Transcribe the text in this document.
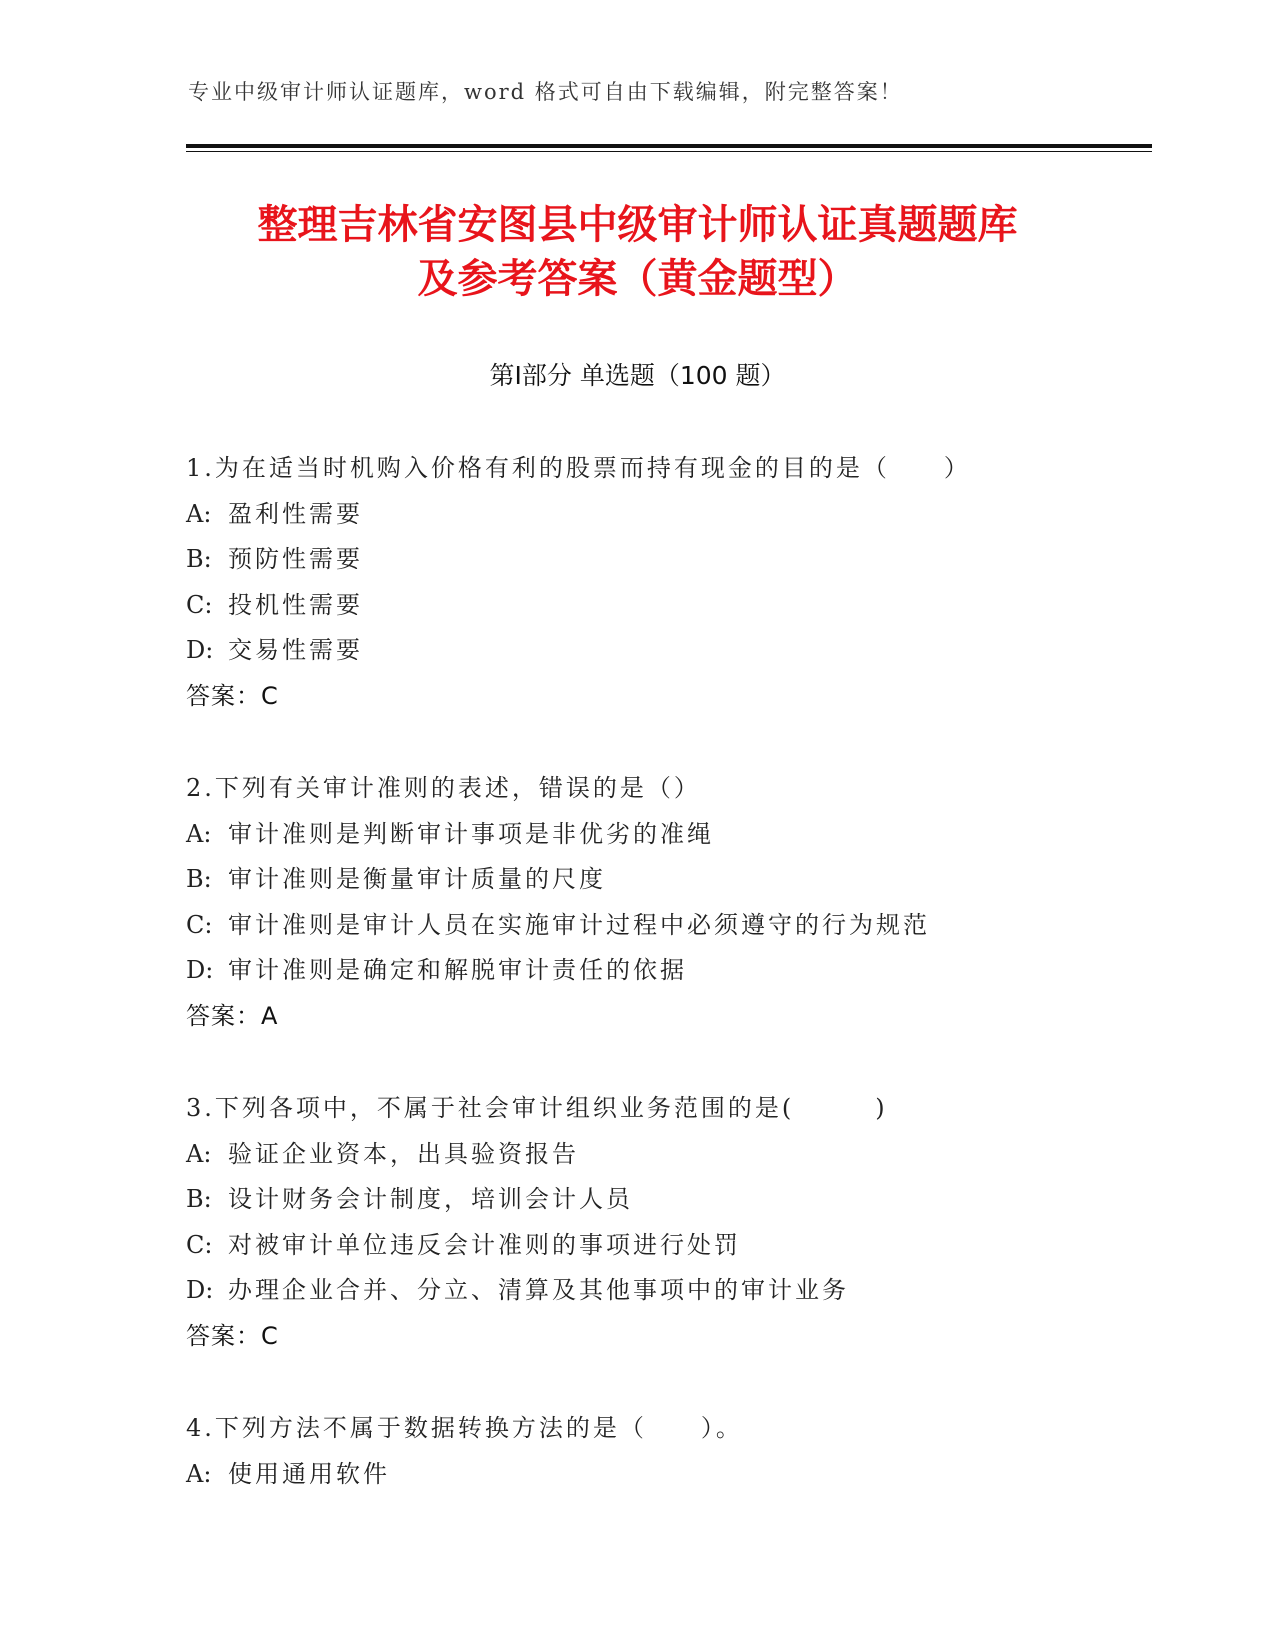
专业中级审计师认证题库，word 格式可自由下载编辑，附完整答案！
整理吉林省安图县中级审计师认证真题题库
及参考答案（黄金题型）
第Ⅰ部分 单选题（100 题）
1.为在适当时机购入价格有利的股票而持有现金的目的是（　　）
A: 盈利性需要
B: 预防性需要
C: 投机性需要
D: 交易性需要
答案：C
2.下列有关审计准则的表述，错误的是（）
A: 审计准则是判断审计事项是非优劣的准绳
B: 审计准则是衡量审计质量的尺度
C: 审计准则是审计人员在实施审计过程中必须遵守的行为规范
D: 审计准则是确定和解脱审计责任的依据
答案：A
3.下列各项中，不属于社会审计组织业务范围的是(　　　)
A: 验证企业资本，出具验资报告
B: 设计财务会计制度，培训会计人员
C: 对被审计单位违反会计准则的事项进行处罚
D: 办理企业合并、分立、清算及其他事项中的审计业务
答案：C
4.下列方法不属于数据转换方法的是（　　）。
A: 使用通用软件
